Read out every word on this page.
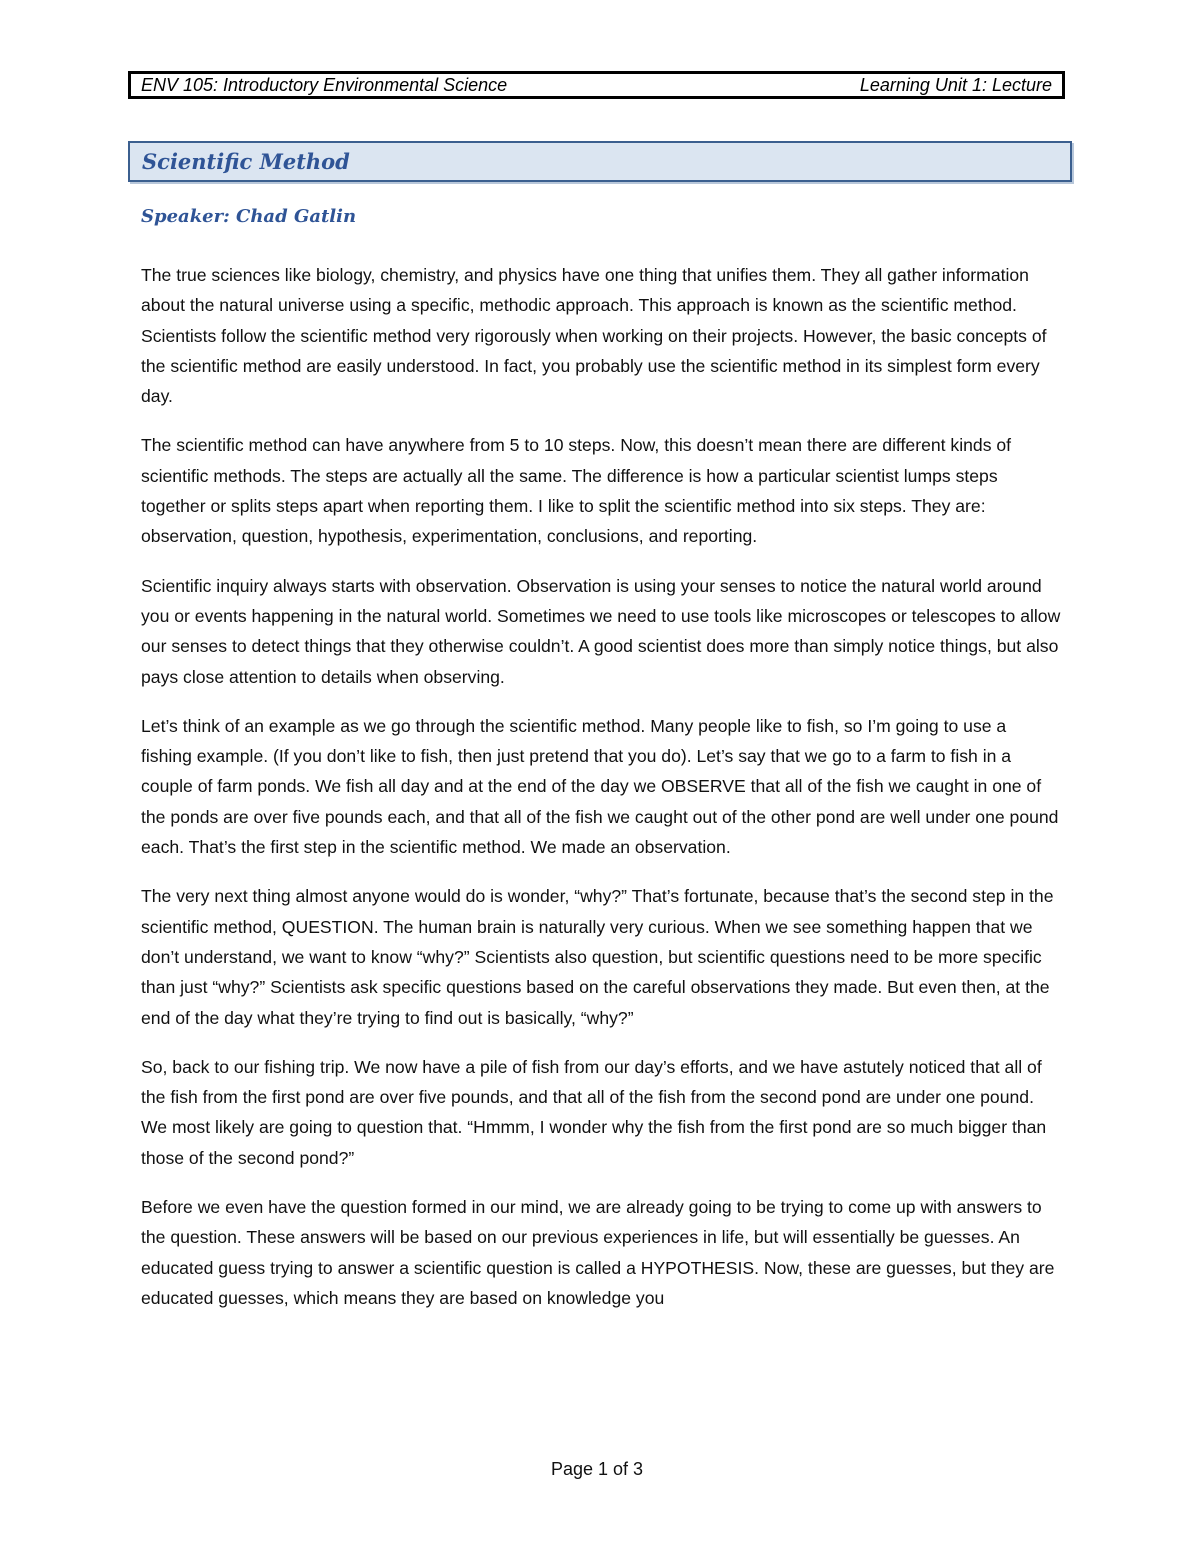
ENV 105: Introductory Environmental Science	Learning Unit 1: Lecture
Scientific Method
Speaker: Chad Gatlin

The true sciences like biology, chemistry, and physics have one thing that unifies them. They all gather information about the natural universe using a specific, methodic approach. This approach is known as the scientific method. Scientists follow the scientific method very rigorously when working on their projects. However, the basic concepts of the scientific method are easily understood. In fact, you probably use the scientific method in its simplest form every day.

The scientific method can have anywhere from 5 to 10 steps. Now, this doesn’t mean there are different kinds of scientific methods. The steps are actually all the same. The difference is how a particular scientist lumps steps together or splits steps apart when reporting them. I like to split the scientific method into six steps. They are: observation, question, hypothesis, experimentation, conclusions, and reporting.

Scientific inquiry always starts with observation. Observation is using your senses to notice the natural world around you or events happening in the natural world. Sometimes we need to use tools like microscopes or telescopes to allow our senses to detect things that they otherwise couldn’t. A good scientist does more than simply notice things, but also pays close attention to details when observing.

Let’s think of an example as we go through the scientific method. Many people like to fish, so I’m going to use a fishing example. (If you don’t like to fish, then just pretend that you do). Let’s say that we go to a farm to fish in a couple of farm ponds. We fish all day and at the end of the day we OBSERVE that all of the fish we caught in one of the ponds are over five pounds each, and that all of the fish we caught out of the other pond are well under one pound each. That’s the first step in the scientific method. We made an observation.

The very next thing almost anyone would do is wonder, “why?” That’s fortunate, because that’s the second step in the scientific method, QUESTION. The human brain is naturally very curious. When we see something happen that we don’t understand, we want to know “why?” Scientists also question, but scientific questions need to be more specific than just “why?” Scientists ask specific questions based on the careful observations they made. But even then, at the end of the day what they’re trying to find out is basically, “why?”

So, back to our fishing trip. We now have a pile of fish from our day’s efforts, and we have astutely noticed that all of the fish from the first pond are over five pounds, and that all of the fish from the second pond are under one pound. We most likely are going to question that. “Hmmm, I wonder why the fish from the first pond are so much bigger than those of the second pond?”

Before we even have the question formed in our mind, we are already going to be trying to come up with answers to the question. These answers will be based on our previous experiences in life, but will essentially be guesses. An educated guess trying to answer a scientific question is called a HYPOTHESIS. Now, these are guesses, but they are educated guesses, which means they are based on knowledge you

Page 1 of 3
